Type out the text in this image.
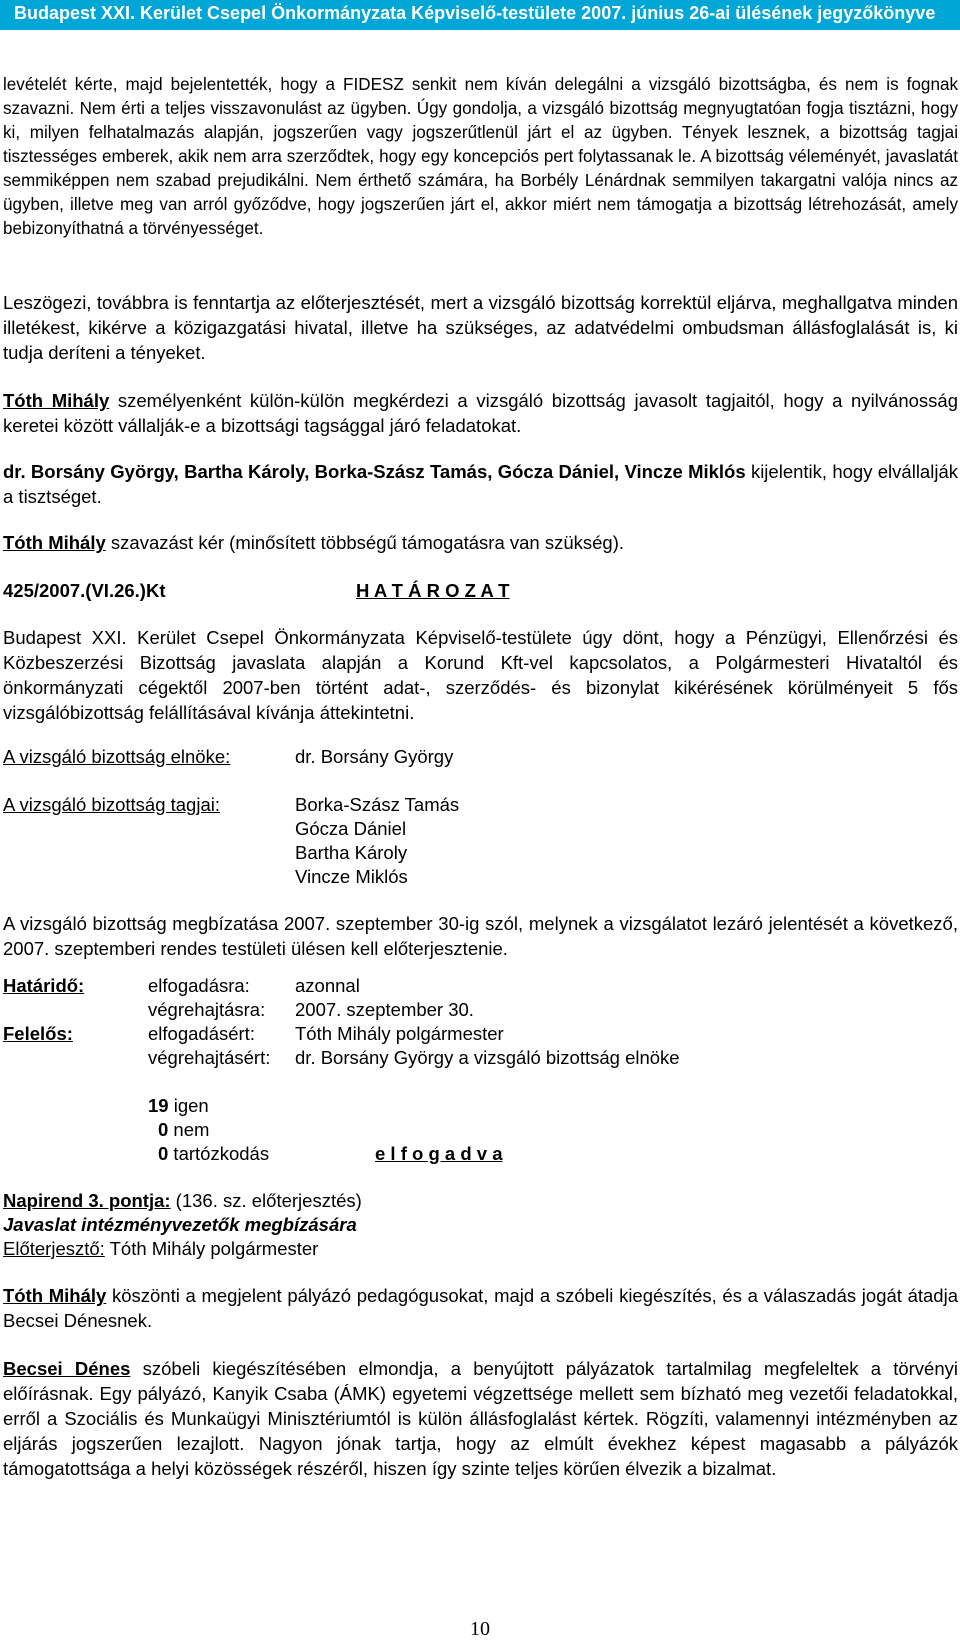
Budapest XXI. Kerület Csepel Önkormányzata Képviselő-testülete 2007. június 26-ai ülésének jegyzőkönyve
levételét kérte, majd bejelentették, hogy a FIDESZ senkit nem kíván delegálni a vizsgáló bizottságba, és nem is fognak szavazni. Nem érti a teljes visszavonulást az ügyben. Úgy gondolja, a vizsgáló bizottság megnyugtatóan fogja tisztázni, hogy ki, milyen felhatalmazás alapján, jogszerűen vagy jogszerűtlenül járt el az ügyben. Tények lesznek, a bizottság tagjai tisztességes emberek, akik nem arra szerződtek, hogy egy koncepciós pert folytassanak le. A bizottság véleményét, javaslatát semmiképpen nem szabad prejudikálni. Nem érthető számára, ha Borbély Lénárdnak semmilyen takargatni valója nincs az ügyben, illetve meg van arról győződve, hogy jogszerűen járt el, akkor miért nem támogatja a bizottság létrehozását, amely bebizonyíthatná a törvényességet.
Leszögezi, továbbra is fenntartja az előterjesztését, mert a vizsgáló bizottság korrektül eljárva, meghallgatva minden illetékest, kikérve a közigazgatási hivatal, illetve ha szükséges, az adatvédelmi ombudsman állásfoglalását is, ki tudja deríteni a tényeket.
Tóth Mihály személyenként külön-külön megkérdezi a vizsgáló bizottság javasolt tagjaitól, hogy a nyilvánosság keretei között vállalják-e a bizottsági tagsággal járó feladatokat.
dr. Borsány György, Bartha Károly, Borka-Szász Tamás, Gócza Dániel, Vincze Miklós kijelentik, hogy elvállalják a tisztséget.
Tóth Mihály szavazást kér (minősített többségű támogatásra van szükség).
425/2007.(VI.26.)Kt	H A T Á R O Z A T
Budapest XXI. Kerület Csepel Önkormányzata Képviselő-testülete úgy dönt, hogy a Pénzügyi, Ellenőrzési és Közbeszerzési Bizottság javaslata alapján a Korund Kft-vel kapcsolatos, a Polgármesteri Hivataltól és önkormányzati cégektől 2007-ben történt adat-, szerződés- és bizonylat kikérésének körülményeit 5 fős vizsgálóbizottság felállításával kívánja áttekintetni.
A vizsgáló bizottság elnöke:	dr. Borsány György
A vizsgáló bizottság tagjai:	Borka-Szász Tamás
Gócza Dániel
Bartha Károly
Vincze Miklós
A vizsgáló bizottság megbízatása 2007. szeptember 30-ig szól, melynek a vizsgálatot lezáró jelentését a következő, 2007. szeptemberi rendes testületi ülésen kell előterjesztenie.
Határidő:	elfogadásra: azonnal
végrehajtásra: 2007. szeptember 30.
Felelős:	elfogadásért: Tóth Mihály polgármester
végrehajtásért: dr. Borsány György a vizsgáló bizottság elnöke
19 igen
0 nem
0 tartózkodás	e l f o g a d v a
Napirend 3. pontja: (136. sz. előterjesztés)
Javaslat intézményvezetők megbízására
Előterjesztő: Tóth Mihály polgármester
Tóth Mihály köszönti a megjelent pályázó pedagógusokat, majd a szóbeli kiegészítés, és a válaszadás jogát átadja Becsei Dénesnek.
Becsei Dénes szóbeli kiegészítésében elmondja, a benyújtott pályázatok tartalmilag megfeleltek a törvényi előírásnak. Egy pályázó, Kanyik Csaba (ÁMK) egyetemi végzettsége mellett sem bízható meg vezetői feladatokkal, erről a Szociális és Munkaügyi Minisztériumtól is külön állásfoglalást kértek. Rögzíti, valamennyi intézményben az eljárás jogszerűen lezajlott. Nagyon jónak tartja, hogy az elmúlt évekhez képest magasabb a pályázók támogatottsága a helyi közösségek részéről, hiszen így szinte teljes körűen élvezik a bizalmat.
10
